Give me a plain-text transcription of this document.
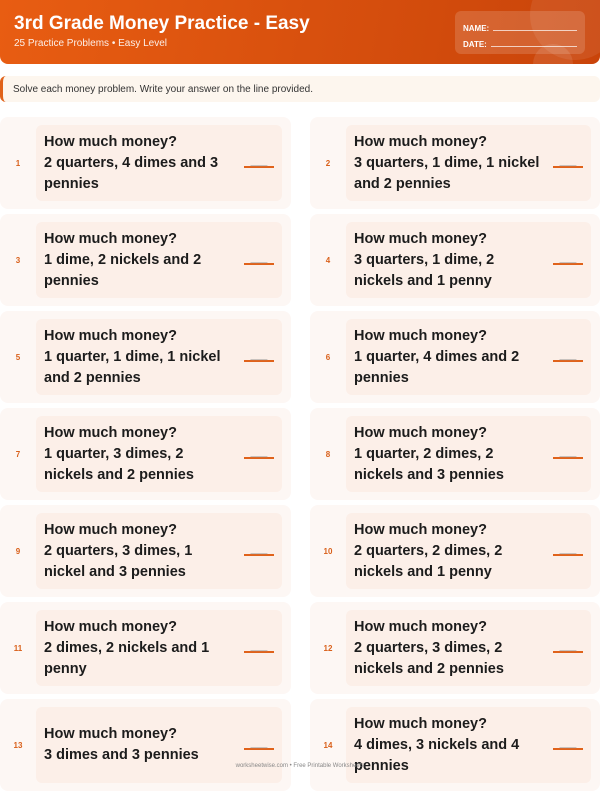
3rd Grade Money Practice - Easy
25 Practice Problems • Easy Level
NAME:
DATE:
Solve each money problem. Write your answer on the line provided.
1
How much money?
2 quarters, 4 dimes and 3 pennies
___	2
How much money?
3 quarters, 1 dime, 1 nickel and 2 pennies
___
3
How much money?
1 dime, 2 nickels and 2 pennies
___	4
How much money?
3 quarters, 1 dime, 2 nickels and 1 penny
___
5
How much money?
1 quarter, 1 dime, 1 nickel and 2 pennies
___	6
How much money?
1 quarter, 4 dimes and 2 pennies
___
7
How much money?
1 quarter, 3 dimes, 2 nickels and 2 pennies
___	8
How much money?
1 quarter, 2 dimes, 2 nickels and 3 pennies
___
9
How much money?
2 quarters, 3 dimes, 1 nickel and 3 pennies
___	10
How much money?
2 quarters, 2 dimes, 2 nickels and 1 penny
___
11
How much money?
2 dimes, 2 nickels and 1 penny
___	12
How much money?
2 quarters, 3 dimes, 2 nickels and 2 pennies
___
13
How much money?
3 dimes and 3 pennies
___	14
How much money?
4 dimes, 3 nickels and 4 pennies
___
worksheetwise.com • Free Printable Worksheets
